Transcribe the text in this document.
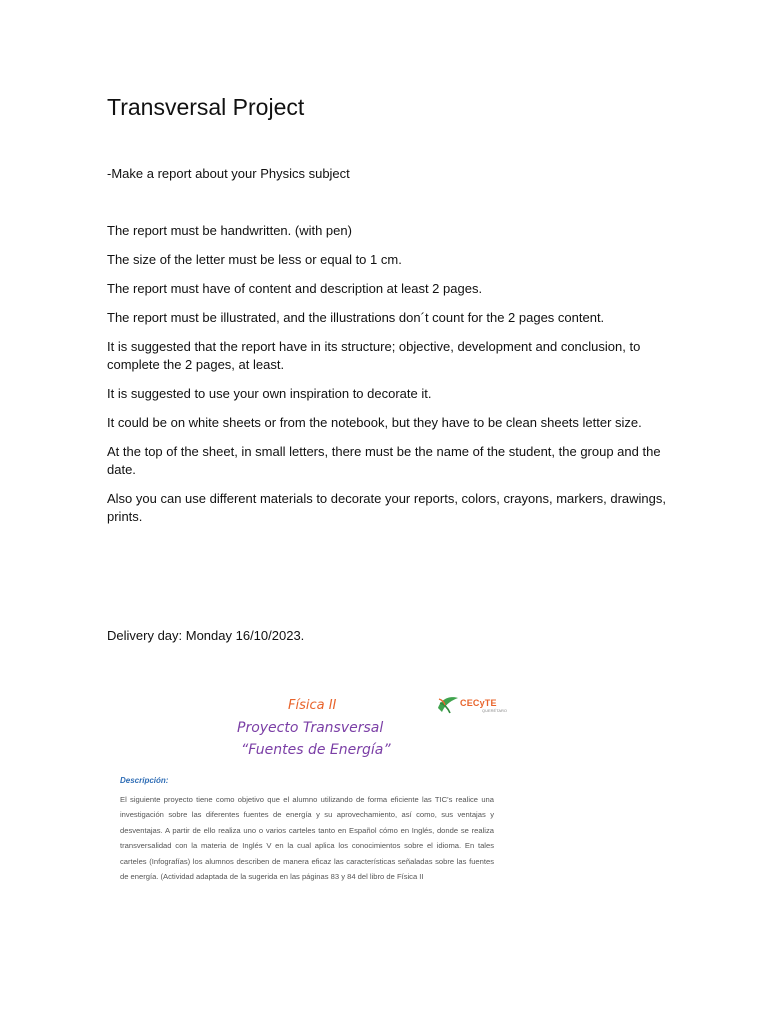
Transversal Project

-Make a report about your Physics subject

The report must be handwritten. (with pen)
The size of the letter must be less or equal to 1 cm.
The report must have of content and description at least 2 pages.
The report must be illustrated, and the illustrations don´t count for the 2 pages content.
It is suggested that the report have in its structure; objective, development and conclusion, to complete the 2 pages, at least.
It is suggested to use your own inspiration to decorate it.
It could be on white sheets or from the notebook, but they have to be clean sheets letter size.
At the top of the sheet, in small letters, there must be the name of the student, the group and the date.
Also you can use different materials to decorate your reports, colors, crayons, markers, drawings, prints.

Delivery day: Monday 16/10/2023.

Física II
Proyecto Transversal
“Fuentes de Energía”
CECyTE
QUERÉTARO
Descripción:

El siguiente proyecto tiene como objetivo que el alumno utilizando de forma eficiente las TIC's realice una investigación sobre las diferentes fuentes de energía y su aprovechamiento, así como, sus ventajas y desventajas. A partir de ello realiza uno o varios carteles tanto en Español cómo en Inglés, donde se realiza transversalidad con la materia de Inglés V en la cual aplica los conocimientos sobre el idioma. En tales carteles (Infografías) los alumnos describen de manera eficaz las características señaladas sobre las fuentes de energía. (Actividad adaptada de la sugerida en las páginas 83 y 84 del libro de Física II
